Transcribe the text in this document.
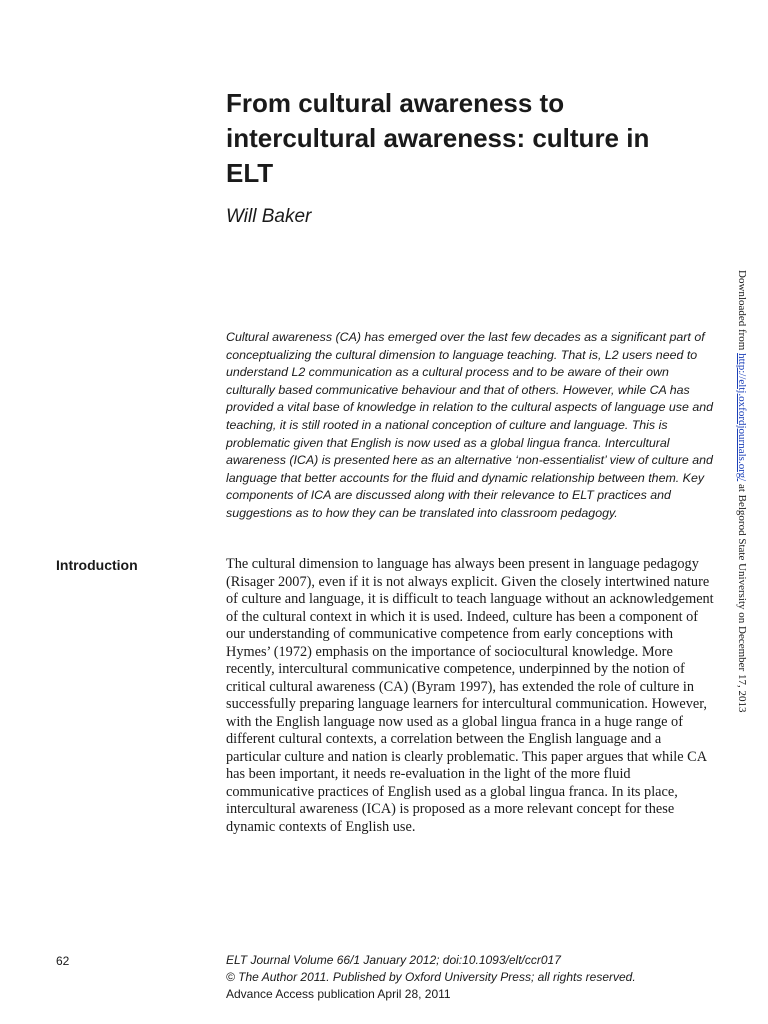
From cultural awareness to intercultural awareness: culture in ELT
Will Baker

Cultural awareness (CA) has emerged over the last few decades as a significant part of conceptualizing the cultural dimension to language teaching. That is, L2 users need to understand L2 communication as a cultural process and to be aware of their own culturally based communicative behaviour and that of others. However, while CA has provided a vital base of knowledge in relation to the cultural aspects of language use and teaching, it is still rooted in a national conception of culture and language. This is problematic given that English is now used as a global lingua franca. Intercultural awareness (ICA) is presented here as an alternative ‘non-essentialist’ view of culture and language that better accounts for the fluid and dynamic relationship between them. Key components of ICA are discussed along with their relevance to ELT practices and suggestions as to how they can be translated into classroom pedagogy.

Introduction	The cultural dimension to language has always been present in language pedagogy (Risager 2007), even if it is not always explicit. Given the closely intertwined nature of culture and language, it is difficult to teach language without an acknowledgement of the cultural context in which it is used. Indeed, culture has been a component of our understanding of communicative competence from early conceptions with Hymes’ (1972) emphasis on the importance of sociocultural knowledge. More recently, intercultural communicative competence, underpinned by the notion of critical cultural awareness (CA) (Byram 1997), has extended the role of culture in successfully preparing language learners for intercultural communication. However, with the English language now used as a global lingua franca in a huge range of different cultural contexts, a correlation between the English language and a particular culture and nation is clearly problematic. This paper argues that while CA has been important, it needs re-evaluation in the light of the more fluid communicative practices of English used as a global lingua franca. In its place, intercultural awareness (ICA) is proposed as a more relevant concept for these dynamic contexts of English use.

62	ELT Journal Volume 66/1 January 2012; doi:10.1093/elt/ccr017
© The Author 2011. Published by Oxford University Press; all rights reserved.
Advance Access publication April 28, 2011
Downloaded from http://eltj.oxfordjournals.org/ at Belgorod State University on December 17, 2013
